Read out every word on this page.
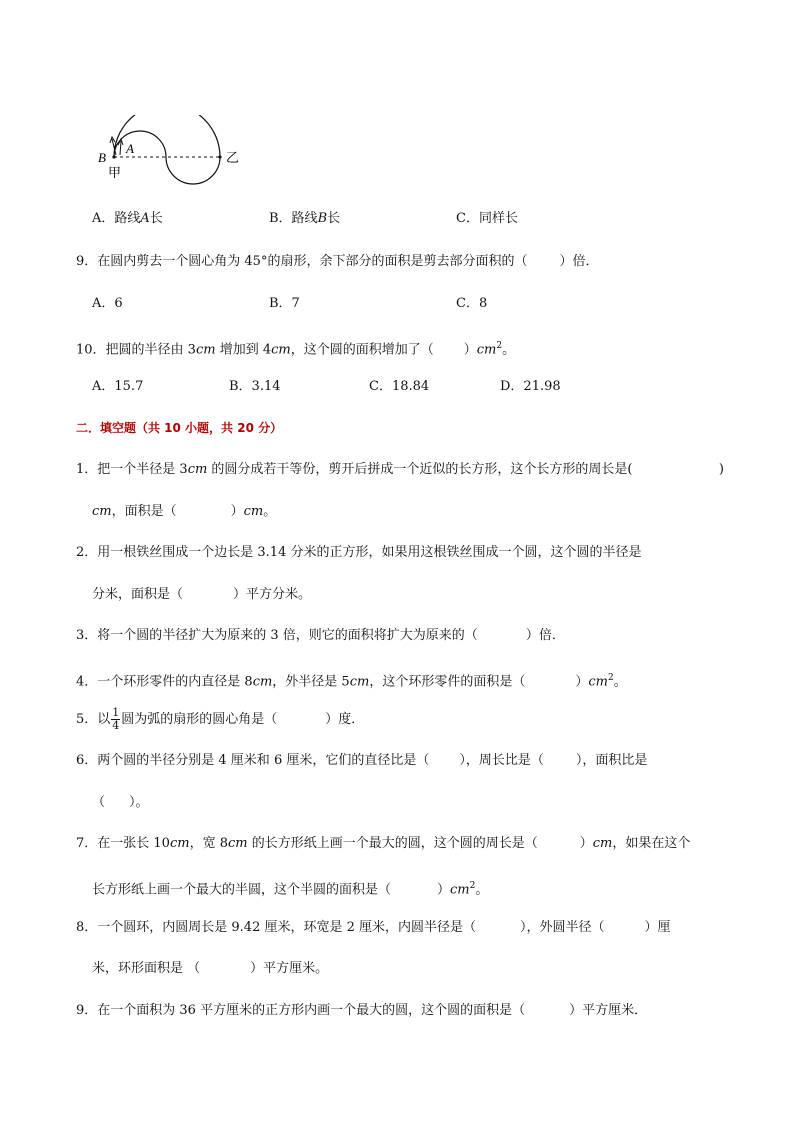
B
A
甲
乙
A．路线A长	B．路线B长	C．同样长
9．在圆内剪去一个圆心角为 45°的扇形，余下部分的面积是剪去部分面积的（ ）倍．
A．6	B．7	C．8
10．把圆的半径由 3cm 增加到 4cm，这个圆的面积增加了（ ）$cm^2$。
A．15.7	B．3.14	C．18.84	D．21.98
二．填空题（共 10 小题，共 20 分）
1．把一个半径是 3cm 的圆分成若干等份，剪开后拼成一个近似的长方形，这个长方形的周长是(	)
cm，面积是（	）cm。
2．用一根铁丝围成一个边长是 3.14 分米的正方形，如果用这根铁丝围成一个圆，这个圆的半径是
分米，面积是（	）平方分米。
3．将一个圆的半径扩大为原来的 3 倍，则它的面积将扩大为原来的（	）倍．
4．一个环形零件的内直径是 8cm，外半径是 5cm，这个环形零件的面积是（	）$cm^2$。
5．以 $\frac{1}{4}$ 圆为弧的扇形的圆心角是（	）度．
6．两个圆的半径分别是 4 厘米和 6 厘米，它们的直径比是（ ），周长比是（ ），面积比是
（ ）。
7．在一张长 10cm，宽 8cm 的长方形纸上画一个最大的圆，这个圆的周长是（	）cm，如果在这个
长方形纸上画一个最大的半圆，这个半圆的面积是（	）$cm^2$。
8．一个圆环，内圆周长是 9.42 厘米，环宽是 2 厘米，内圆半径是（	），外圆半径（	）厘
米，环形面积是 （	）平方厘米。
9．在一个面积为 36 平方厘米的正方形内画一个最大的圆，这个圆的面积是（	）平方厘米．
